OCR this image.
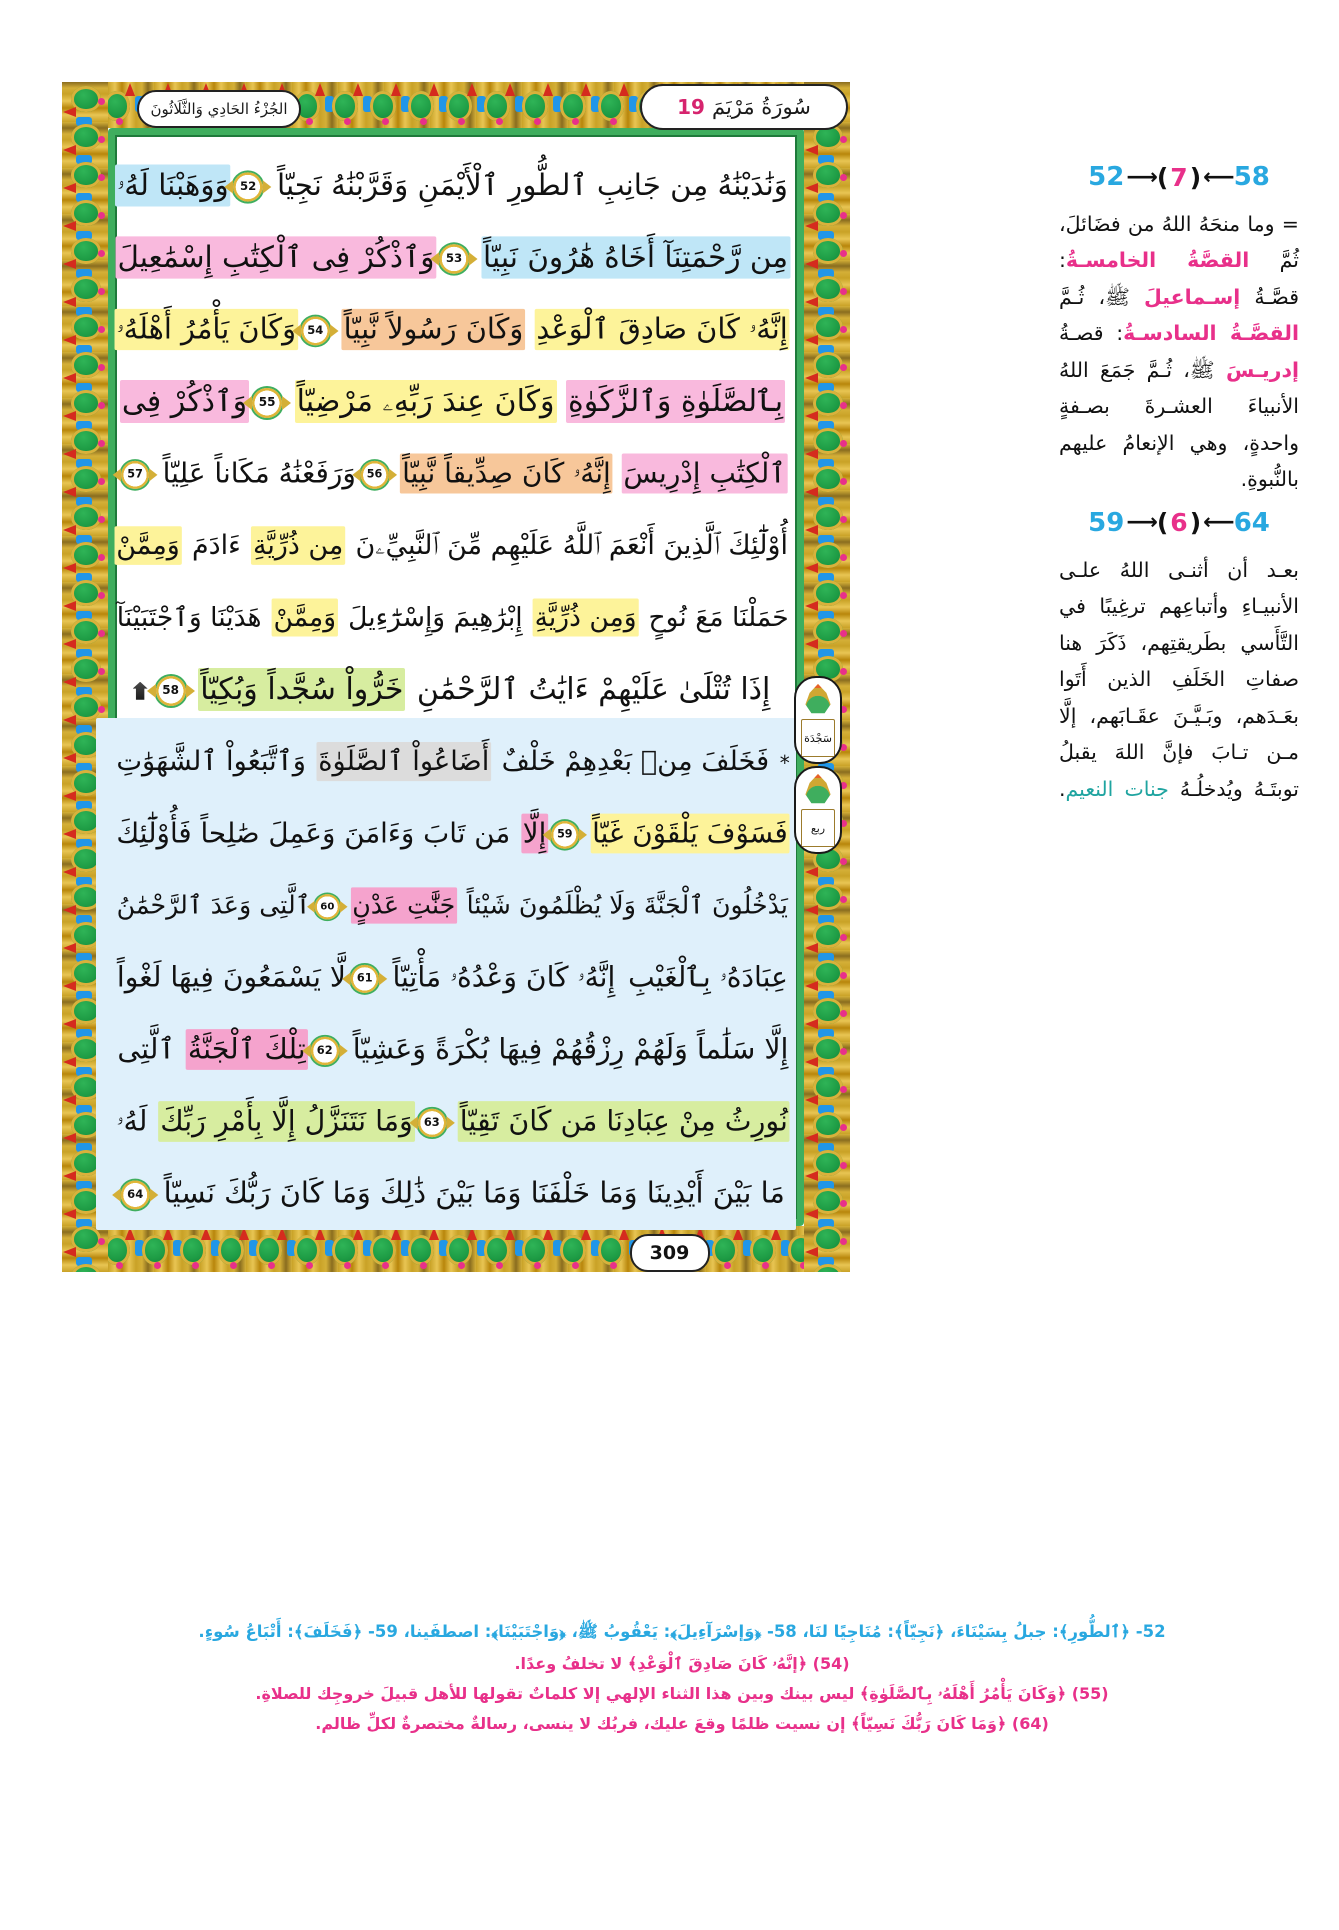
سُورَةُ مَرْيَمَ
19
الجُزْءُ الحَادِي وَالثَّلَاثُونَ
وَنَٰدَيْنَٰهُ مِن جَانِبِ ٱلطُّورِ ٱلْأَيْمَنِ وَقَرَّبْنَٰهُ نَجِيّاً 52وَوَهَبْنَا لَهُۥ
مِن رَّحْمَتِنَآ أَخَاهُ هَٰرُونَ نَبِيّاً 53وَٱذْكُرْ فِى ٱلْكِتَٰبِ إِسْمَٰعِيلَ
إِنَّهُۥ كَانَ صَادِقَ ٱلْوَعْدِ وَكَانَ رَسُولاً نَّبِيّاً 54وَكَانَ يَأْمُرُ أَهْلَهُۥ
بِٱلصَّلَوٰةِ وَٱلزَّكَوٰةِ وَكَانَ عِندَ رَبِّهِۦ مَرْضِيّاً 55وَٱذْكُرْ فِى
ٱلْكِتَٰبِ إِدْرِيسَ إِنَّهُۥ كَانَ صِدِّيقاً نَّبِيّاً 56وَرَفَعْنَٰهُ مَكَاناً عَلِيّاً 57
أُوْلَٰٓئِكَ ٱلَّذِينَ أَنْعَمَ ٱللَّهُ عَلَيْهِم مِّنَ ٱلنَّبِيِّۦنَ مِن ذُرِّيَّةِ ءَادَمَ وَمِمَّنْ
حَمَلْنَا مَعَ نُوحٍ وَمِن ذُرِّيَّةِ إِبْرَٰهِيمَ وَإِسْرَٰٓءِيلَ وَمِمَّنْ هَدَيْنَا وَٱجْتَبَيْنَآ
إِذَا تُتْلَىٰ عَلَيْهِمْ ءَايَٰتُ ٱلرَّحْمَٰنِ خَرُّواْ سُجَّداً وَبُكِيّاً 58
* فَخَلَفَ مِنۢ بَعْدِهِمْ خَلْفٌ أَضَاعُواْ ٱلصَّلَوٰةَ وَٱتَّبَعُواْ ٱلشَّهَوَٰتِ
فَسَوْفَ يَلْقَوْنَ غَيّاً 59إِلَّا مَن تَابَ وَءَامَنَ وَعَمِلَ صَٰلِحاً فَأُوْلَٰٓئِكَ
يَدْخُلُونَ ٱلْجَنَّةَ وَلَا يُظْلَمُونَ شَيْئاً جَنَّٰتِ عَدْنٍ 60ٱلَّتِى وَعَدَ ٱلرَّحْمَٰنُ
عِبَادَهُۥ بِٱلْغَيْبِ إِنَّهُۥ كَانَ وَعْدُهُۥ مَأْتِيّاً 61لَّا يَسْمَعُونَ فِيهَا لَغْواً
إِلَّا سَلَٰماً وَلَهُمْ رِزْقُهُمْ فِيهَا بُكْرَةً وَعَشِيّاً 62تِلْكَ ٱلْجَنَّةُ ٱلَّتِى
نُورِثُ مِنْ عِبَادِنَا مَن كَانَ تَقِيّاً 63وَمَا نَتَنَزَّلُ إِلَّا بِأَمْرِ رَبِّكَ لَهُۥ
مَا بَيْنَ أَيْدِينَا وَمَا خَلْفَنَا وَمَا بَيْنَ ذَٰلِكَ وَمَا كَانَ رَبُّكَ نَسِيّاً 64
309
سَجْدَة
ربع
58
⟵
(
7
)
⟶
52

= وما منحَهُ اللهُ من فضَائلَ، ثُمَّ القصَّةُ الخامسـةُ: قصَّـةُ إسـماعيلَ ﷺ، ثُـمَّ القصَّـةُ السادسـةُ: قصـةُ إدريـسَ ﷺ، ثُـمَّ جَمَعَ اللهُ الأنبياءَ العشـرةَ بصـفةٍ واحدةٍ، وهي الإنعامُ عليهم بالنُّبوةِ.

64
⟵
(
6
)
⟶
59

بعـد أن أثنـى اللهُ علـى الأنبيـاءِ وأتباعِهم ترغِيبًا في التَّأَسي بطَريقتِهم، ذَكَرَ هنا صفاتِ الخَلَفِ الذين أَتَوا بعَـدَهم، وبَـيَّـنَ عقَـابَهم، إلَّا مـن تـابَ فإنَّ اللهَ يقبلُ توبتَـهُ ويُدخلُـهُ جنات النعيم.

52- ﴿ٱلطُّورِ﴾: جبلُ بِسَيْنَاءَ، ﴿نَجِيّاً﴾: مُنَاجِيًا لنَا، 58- ﴿وَإسْرَآءِيلَ﴾: يَعْقُوبُ ﷺ، ﴿وَاجْتَبَيْنَا﴾: اصطفَينا، 59- ﴿فَخَلَفَ﴾: أَتْبَاعُ سُوءٍ.
(54) ﴿إنَّهُۥ كَانَ صَادِقَ ٱلْوَعْدِ﴾ لا تخلفُ وعدًا.
(55) ﴿وَكَانَ يَأْمُرُ أَهْلَهُۥ بِٱلصَّلَوٰةِ﴾ ليس بينك وبين هذا الثناء الإلهي إلا كلماتٌ تقولها للأهل قبيلَ خروجِك للصلاةِ.
(64) ﴿وَمَا كَانَ رَبُّكَ نَسِيّاً﴾ إن نسيت ظلمًا وقعَ عليك، فربُك لا ينسى، رسالةٌ مختصرةٌ لكلِّ ظالم.
